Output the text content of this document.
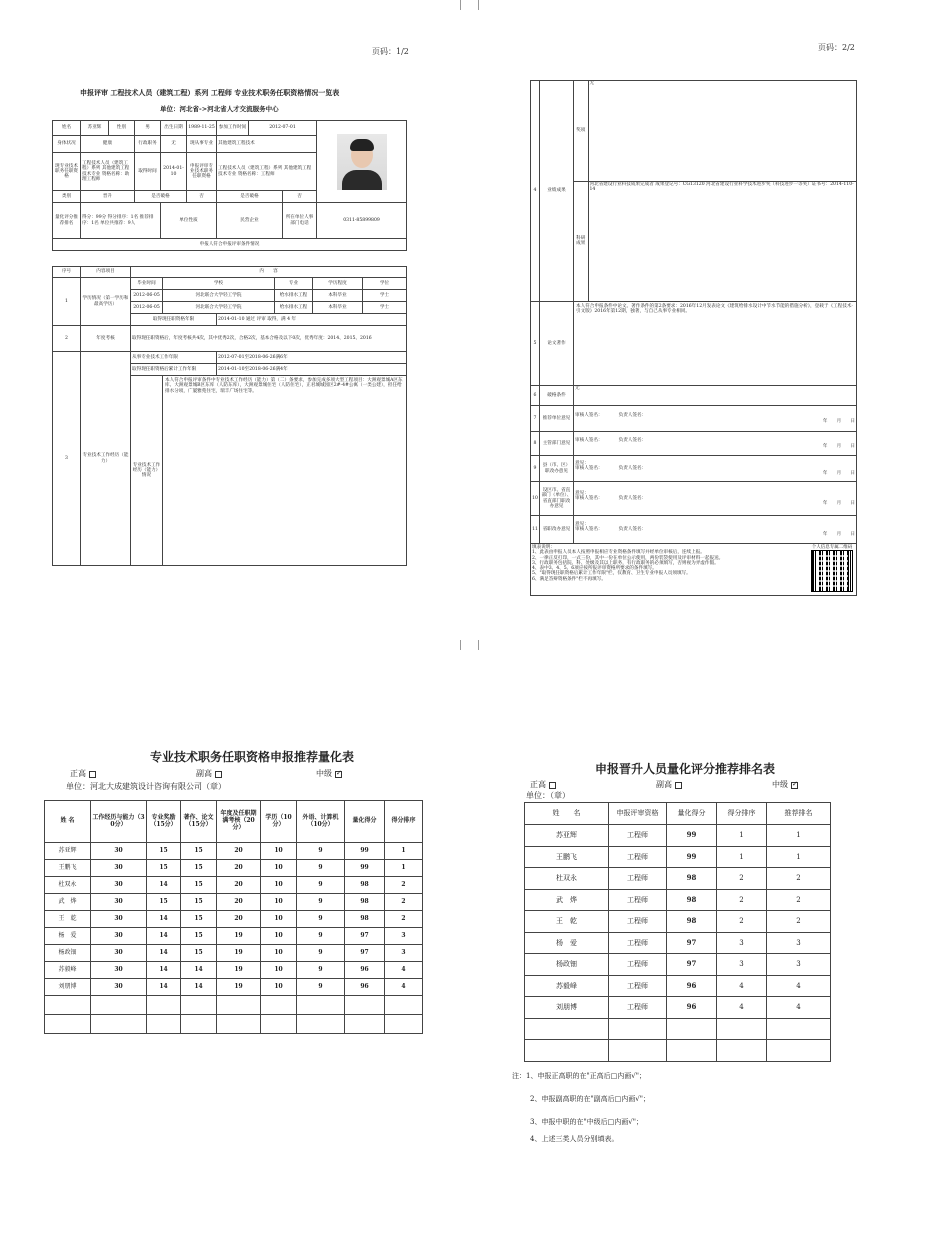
页码：1/2
申报评审 工程技术人员（建筑工程）系列 工程师 专业技术职务任职资格情况一览表
单位：河北省->河北省人才交流服务中心
姓名	苏亚辉	性别	男	出生日期	1989-11-25	参加工作时间	2012-07-01		

身体状况	健康		行政职务	无	现从事专业	其他建筑工程技术			
现专业技术职务任职资格	工程技术人员（建筑工程）系列 其他建筑工程技术专业 资格名称：助理工程师		取得时间	2014-01-10	申报评审专业技术职务任职资格	工程技术人员（建筑工程）系列 其他建筑工程技术专业 资格名称：工程师			
类别	晋升		是否破格		否	是否破格		否	
量化评分推荐排名	得分：99分 得分排序：1名 推荐排序：1名 单位共推荐：9人			单位性质		民营企业		所在单位人事部门电话	0311-85899809
申报人符合申报评审条件情况									
序号	内容项目	内　　容					
1	学历情况（第一学历和最高学历）	毕业时间	学校		专业	学历程度	学位
		2012-06-05	河北联合大学轻工学院		给水排水工程	本科毕业	学士
		2012-06-05	河北联合大学轻工学院		给水排水工程	本科毕业	学士
		取得现任职资格年限		2014-01-10 通过 评审 取得，满 4 年			
2	年度考核	取得现任职资格后，年度考核共4次，其中优秀2次，合格2次，基本合格及以下0次，优秀年度：2014、2015、2016					
3	专业技术工作经历（能力）	从事专业技术工作年限		2012-07-01至2018-06-26满6年			
		取得现任职资格后累计工作年限		2014-01-10至2018-06-26满4年			
		专业技术工作经历（能力）情况	本人符合申报评审条件中专业技术工作经历（能力）第（二）条要求，参加完成多项大型工程项目：大洲观景城A区东库、大洲观景城B区东库（人防东库），大洲观景城住宅（人防住宅），正君城城园区2#-4#公寓（一类公建），担任给排水分项，广厦雅苑住宅，瑞丰广场住宅等。				
页码：2/2
4	业绩成果	
奖项	无
科研成果	河北省建设行业科技成果完成者 成果登记号：CG13120 河北省建设行业科学技术进步奖（科技进步一等奖）证书号：2014-110-14

5	论文著作	本人符合申报条件中论文、著作条件的第2条要求：2016年12月发表论文《建筑给排水设计中节水节能的措施分析》，登载于《工程技术·引文版》2016年第12期，独著，与自己从事专业相同。
6	破格条件	无
7	推荐单位意见	审核人签名：　　　　	负责人签名：
年　　月　　日

8	主管部门意见	审核人签名：　　　　	负责人签名：
年　　月　　日

9	县（市、区）职改办意见	意见：
审核人签名：　　　　	负责人签名：
年　　月　　日

10	设区市、省直部门（单位）、省直部门职改办意见	意见：
审核人签名：　　　　	负责人签名：
年　　月　　日

11	省职改办意见	意见：
审核人签名：　　　　	负责人签名：
年　　月　　日

填表说明：
1、此表由申报人员本人按照申报相应专业资格条件填写并经单位审核后，连续上报。
2、一律正反打印，一式三份，其中一份在单位公示使用，两份装袋使用及评审材料一起报送。
3、行政职务包括院、科、处级及其以上职务，有行政职务的必须填写，否则视为弄虚作假。
4、表中3、4、5、6项应按所报评审资格所要求的条件填写。
5、"取得现任职资格后累计工作年限"栏，仅教育、卫生专业申报人员须填写。
6、满足答辩资格条件"栏不再填写。
个人信息专属二维码
专业技术职务任职资格申报推荐量化表
正高	副高	中级✓
单位：河北大成建筑设计咨询有限公司（章）
姓 名	工作经历与能力（30分）	专业奖励（15分）	著作、论文（15分）	年度及任职期满考核（20分）	学历（10分）	外语、计算机（10分）	量化得分	得分排序
苏亚辉	30	15	15	20	10	9	99	1
王鹏飞	30	15	15	20	10	9	99	1
杜双永	30	14	15	20	10	9	98	2
武　烨	30	15	15	20	10	9	98	2
王　乾	30	14	15	20	10	9	98	2
杨　爱	30	14	15	19	10	9	97	3
杨政钿	30	14	15	19	10	9	97	3
苏毅峰	30	14	14	19	10	9	96	4
刘朋博	30	14	14	19	10	9	96	4

申报晋升人员量化评分推荐排名表
正高	副高	中级✓
单位：（章）
姓　　名	申报评审资格	量化得分	得分排序	推荐排名
苏亚辉	工程师	99	1	1
王鹏飞	工程师	99	1	1
杜双永	工程师	98	2	2
武　烨	工程师	98	2	2
王　乾	工程师	98	2	2
杨　爱	工程师	97	3	3
杨政钿	工程师	97	3	3
苏毅峰	工程师	96	4	4
刘朋博	工程师	96	4	4

注：1、申报正高职的在"正高后□内画√"；
2、申报副高职的在"副高后□内画√"；
3、申报中职的在"中级后□内画√"；
4、上述三类人员分别填表。
